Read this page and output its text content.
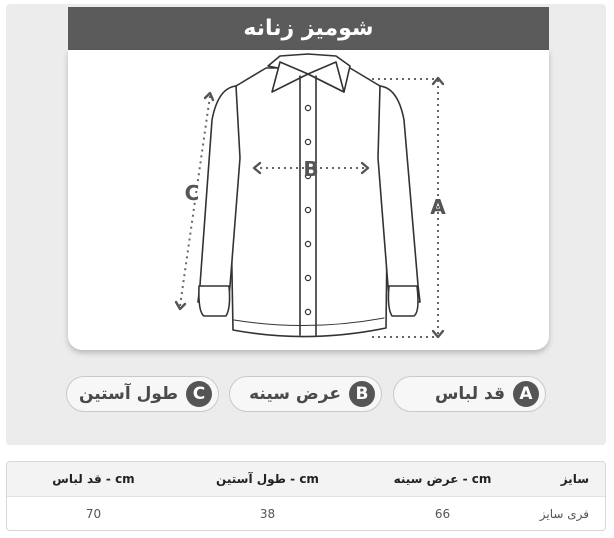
شومیز زنانه
A
B
C
A
قد لباس
B
عرض سینه
C
طول آستین
سایز
عرض سینه - cm
طول آستین - cm
قد لباس - cm
فری سایز
66
38
70
